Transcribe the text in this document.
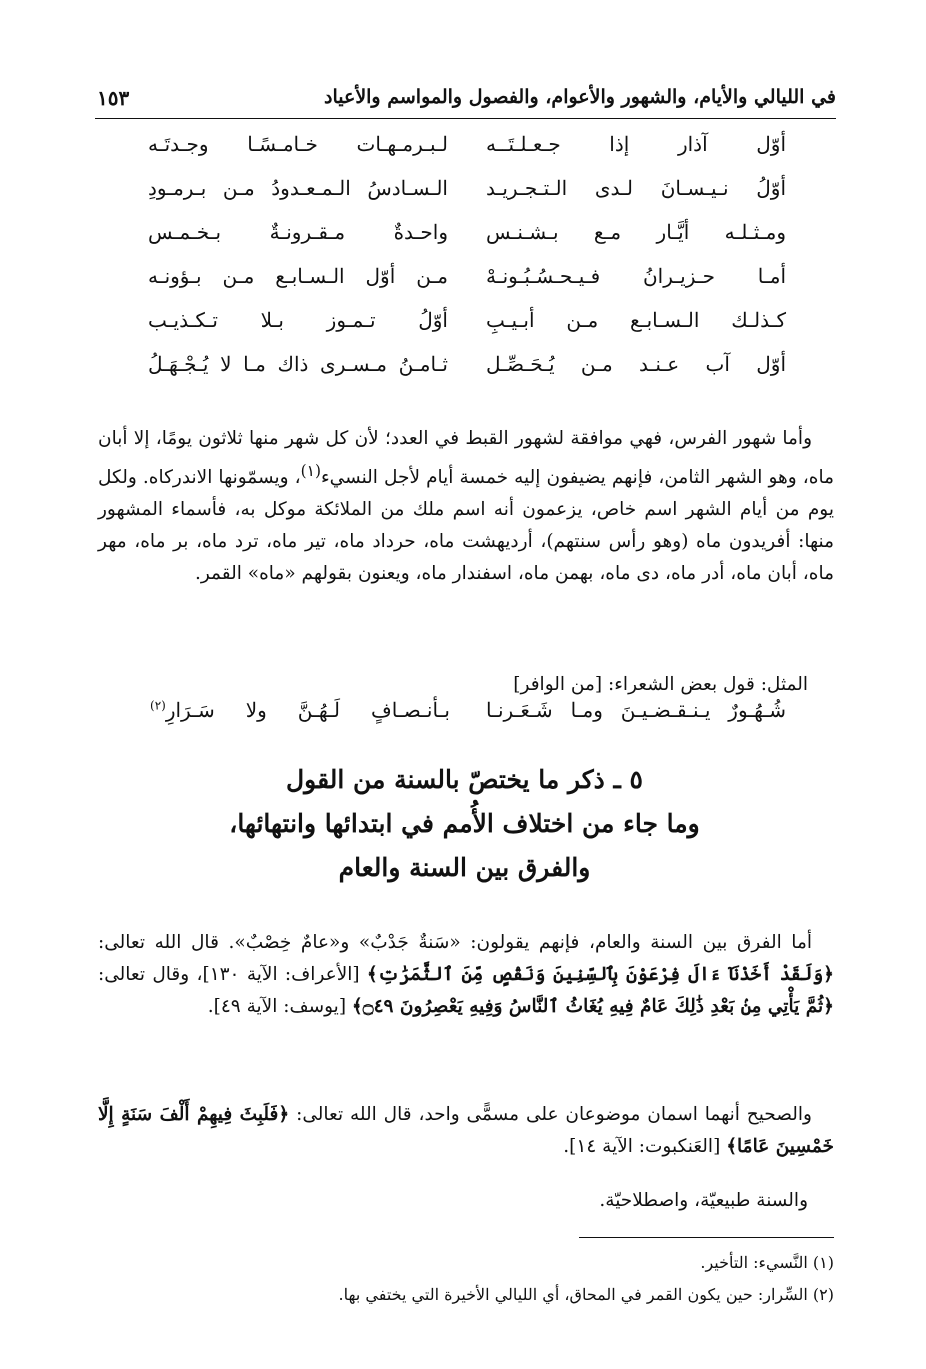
في الليالي والأيام، والشهور والأعوام، والفصول والمواسم والأعياد
١٥٣
أوّل آذار إذا جـعـلـتَــه
لـبـرمـهـات خـامـسًـا وجـدتَـه
أوّلُ نـيـسـانَ لـدى الـتـجـريـد
الـسـادسُ الـمـعـدودُ مـن بـرمـودِ
ومـثـلـه أيَّـار مـع بـشـنـس
واحـدةٌ مـقـرونـةٌ بـخـمـس
أمـا حـزيـرانُ فـيـحـسُـبُـونـهْ
مـن أوّل الـسـابـع مـن بـؤونـه
كـذلـك الـسـابـع مـن أبـيـبِ
أوّلُ تـمـوز بـلا تـكـذيـب
أوّل آب عـنـد مـن يُـحَـصِّـل
ثـامـنُ مـسـرى ذاك مـا لا يُـجْـهَـلُ

وأما شهور الفرس، فهي موافقة لشهور القبط في العدد؛ لأن كل شهر منها ثلاثون يومًا، إلا أبان ماه، وهو الشهر الثامن، فإنهم يضيفون إليه خمسة أيام لأجل النسيء$^{(١)}$، ويسمّونها الاندركاه. ولكل يوم من أيام الشهر اسم خاص، يزعمون أنه اسم ملك من الملائكة موكل به، فأسماء المشهور منها: أفريدون ماه (وهو رأس سنتهم)، أرديهشت ماه، حرداد ماه، تير ماه، ترد ماه، بر ماه، مهر ماه، أبان ماه، أدر ماه، دى ماه، بهمن ماه، اسفندار ماه، ويعنون بقولهم «ماه» القمر.

المثل: قول بعض الشعراء: [من الوافر]

شُـهُـورٌ يـنـقـضـيـنَ ومـا شَـعَـرنـا
بـأنـصـافٍ لَـهُـنَّ ولا سَـرَارِ$^{(٢)}$
٥ ـ ذكر ما يختصّ بالسنة من القول
وما جاء من اختلاف الأُمم في ابتدائها وانتهائها،
والفرق بين السنة والعام

أما الفرق بين السنة والعام، فإنهم يقولون: «سَنةٌ جَدْبٌ» و«عامٌ خِصْبٌ». قال الله تعالى: ﴿وَلَقَدْ أَخَذْنَآ ءَالَ فِرْعَوْنَ بِٱلسِّنِينَ وَنَقْصٍ مِّنَ ٱلثَّمَرَٰتِ﴾ [الأعراف: الآية ١٣٠]، وقال تعالى: ﴿ثُمَّ يَأْتِي مِنۢ بَعْدِ ذَٰلِكَ عَامٌ فِيهِ يُغَاثُ ٱلنَّاسُ وَفِيهِ يَعْصِرُونَ ۝٤٩﴾ [يوسف: الآية ٤٩].

والصحيح أنهما اسمان موضوعان على مسمًّى واحد، قال الله تعالى: ﴿فَلَبِثَ فِيهِمْ أَلْفَ سَنَةٍ إِلَّا خَمْسِينَ عَامًا﴾ [العَنكبوت: الآية ١٤].

والسنة طبيعيّة، واصطلاحيّة.

(١) النَّسيء: التأخير.
(٢) السِّرار: حين يكون القمر في المحاق، أي الليالي الأخيرة التي يختفي بها.
